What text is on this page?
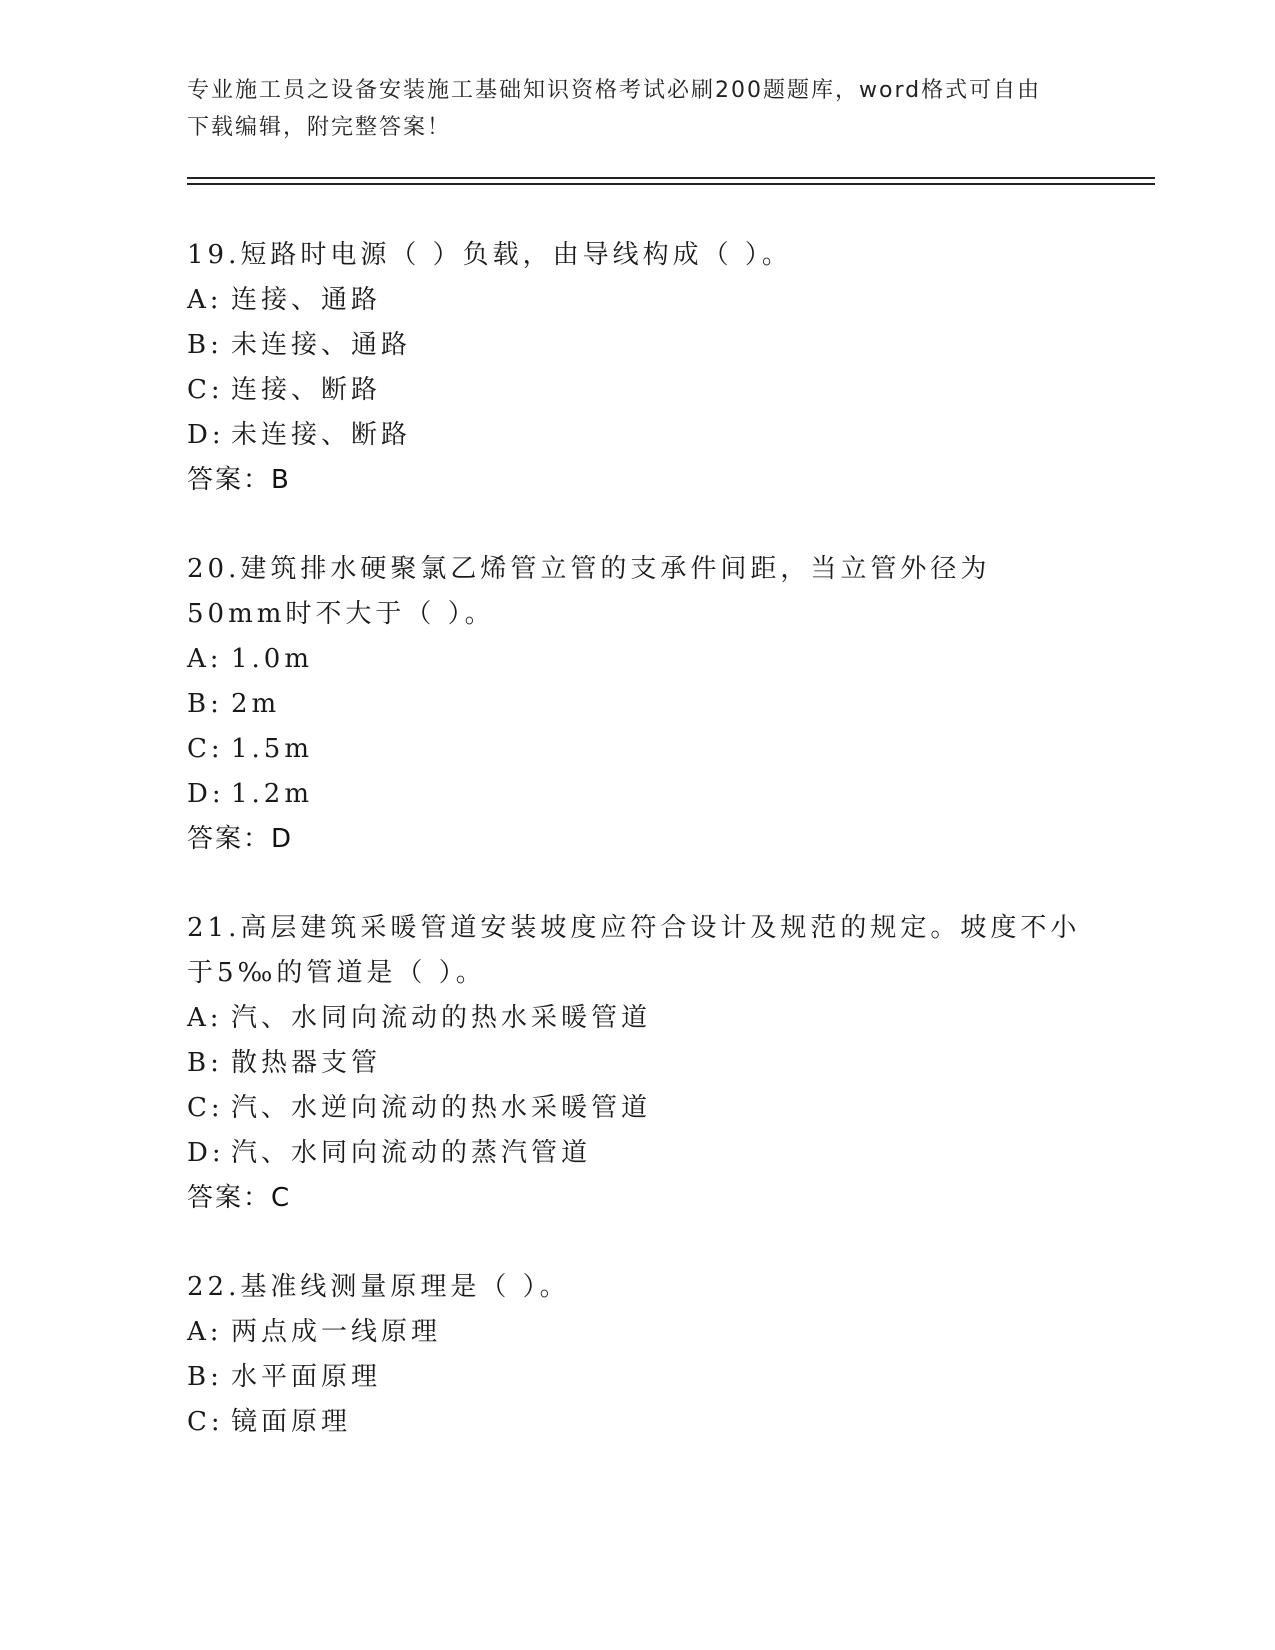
专业施工员之设备安装施工基础知识资格考试必刷200题题库，word格式可自由
下载编辑，附完整答案！
19.短路时电源（ ）负载，由导线构成（ ）。
A: 连接、通路
B: 未连接、通路
C: 连接、断路
D: 未连接、断路
答案：B
20.建筑排水硬聚氯乙烯管立管的支承件间距，当立管外径为50mm时不大于（ ）。
A: 1.0m
B: 2m
C: 1.5m
D: 1.2m
答案：D
21.高层建筑采暖管道安装坡度应符合设计及规范的规定。坡度不小于5‰的管道是（ ）。
A: 汽、水同向流动的热水采暖管道
B: 散热器支管
C: 汽、水逆向流动的热水采暖管道
D: 汽、水同向流动的蒸汽管道
答案：C
22.基准线测量原理是（ ）。
A: 两点成一线原理
B: 水平面原理
C: 镜面原理
